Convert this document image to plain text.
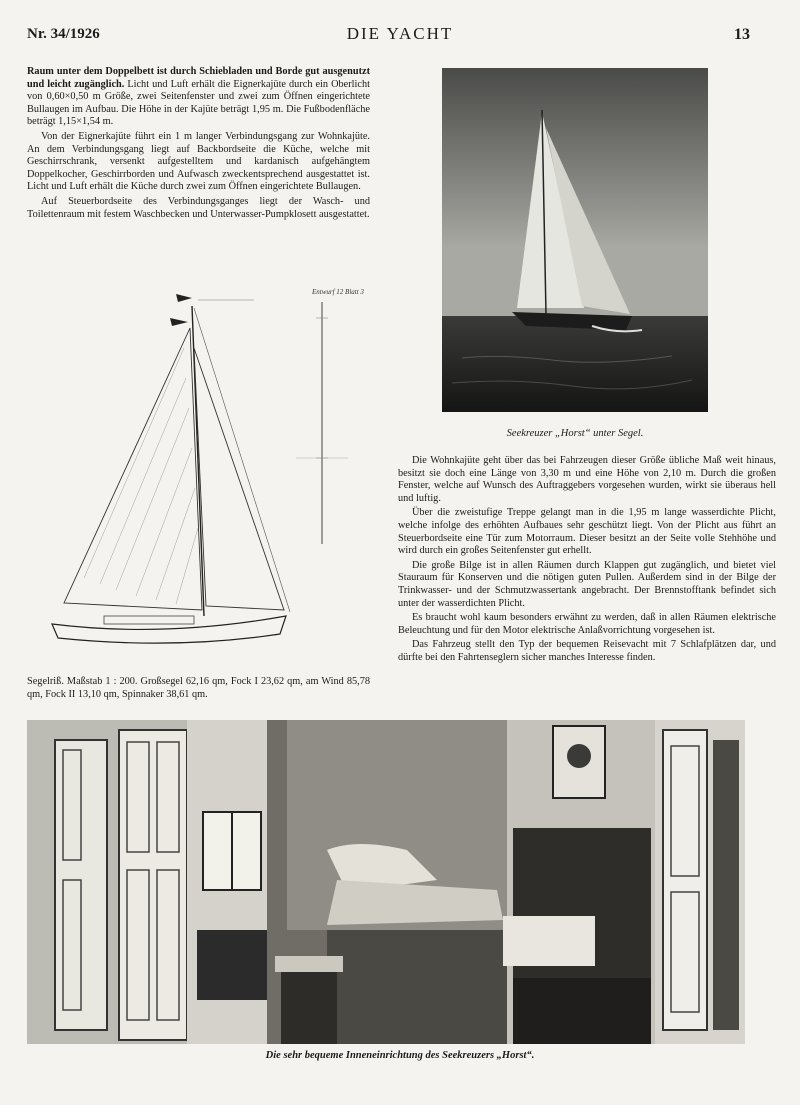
Nr. 34/1926	DIE YACHT	13

Raum unter dem Doppelbett ist durch Schiebladen und Borde gut ausgenutzt und leicht zugänglich. Licht und Luft erhält die Eignerkajüte durch ein Oberlicht von 0,60×0,50 m Größe, zwei Seitenfenster und zwei zum Öffnen eingerichtete Bullaugen im Aufbau. Die Höhe in der Kajüte beträgt 1,95 m. Die Fußbodenfläche beträgt 1,15×1,54 m.

Von der Eignerkajüte führt ein 1 m langer Verbindungsgang zur Wohnkajüte. An dem Verbindungsgang liegt auf Backbordseite die Küche, welche mit Geschirrschrank, versenkt aufgestelltem und kardanisch aufgehängtem Doppelkocher, Geschirrborden und Aufwasch zweckentsprechend ausgestattet ist. Licht und Luft erhält die Küche durch zwei zum Öffnen eingerichtete Bullaugen.

Auf Steuerbordseite des Verbindungsganges liegt der Wasch- und Toilettenraum mit festem Waschbecken und Unterwasser-Pumpklosett ausgestattet.

Seekreuzer „Horst“ unter Segel.
Entwurf 12 Blatt 3
Segelriß. Maßstab 1 : 200. Großsegel 62,16 qm, Fock I 23,62 qm, am Wind 85,78 qm, Fock II 13,10 qm, Spinnaker 38,61 qm.

Die Wohnkajüte geht über das bei Fahrzeugen dieser Größe übliche Maß weit hinaus, besitzt sie doch eine Länge von 3,30 m und eine Höhe von 2,10 m. Durch die großen Fenster, welche auf Wunsch des Auftraggebers vorgesehen wurden, wirkt sie überaus hell und luftig.

Über die zweistufige Treppe gelangt man in die 1,95 m lange wasserdichte Plicht, welche infolge des erhöhten Aufbaues sehr geschützt liegt. Von der Plicht aus führt an Steuerbordseite eine Tür zum Motorraum. Dieser besitzt an der Seite volle Stehhöhe und wird durch ein großes Seitenfenster gut erhellt.

Die große Bilge ist in allen Räumen durch Klappen gut zugänglich, und bietet viel Stauraum für Konserven und die nötigen guten Pullen. Außerdem sind in der Bilge der Trinkwasser- und der Schmutzwassertank angebracht. Der Brennstofftank befindet sich unter der wasserdichten Plicht.

Es braucht wohl kaum besonders erwähnt zu werden, daß in allen Räumen elektrische Beleuchtung und für den Motor elektrische Anlaßvorrichtung vorgesehen ist.

Das Fahrzeug stellt den Typ der bequemen Reisevacht mit 7 Schlafplätzen dar, und dürfte bei den Fahrtenseglern sicher manches Interesse finden.

Die sehr bequeme Inneneinrichtung des Seekreuzers „Horst“.
